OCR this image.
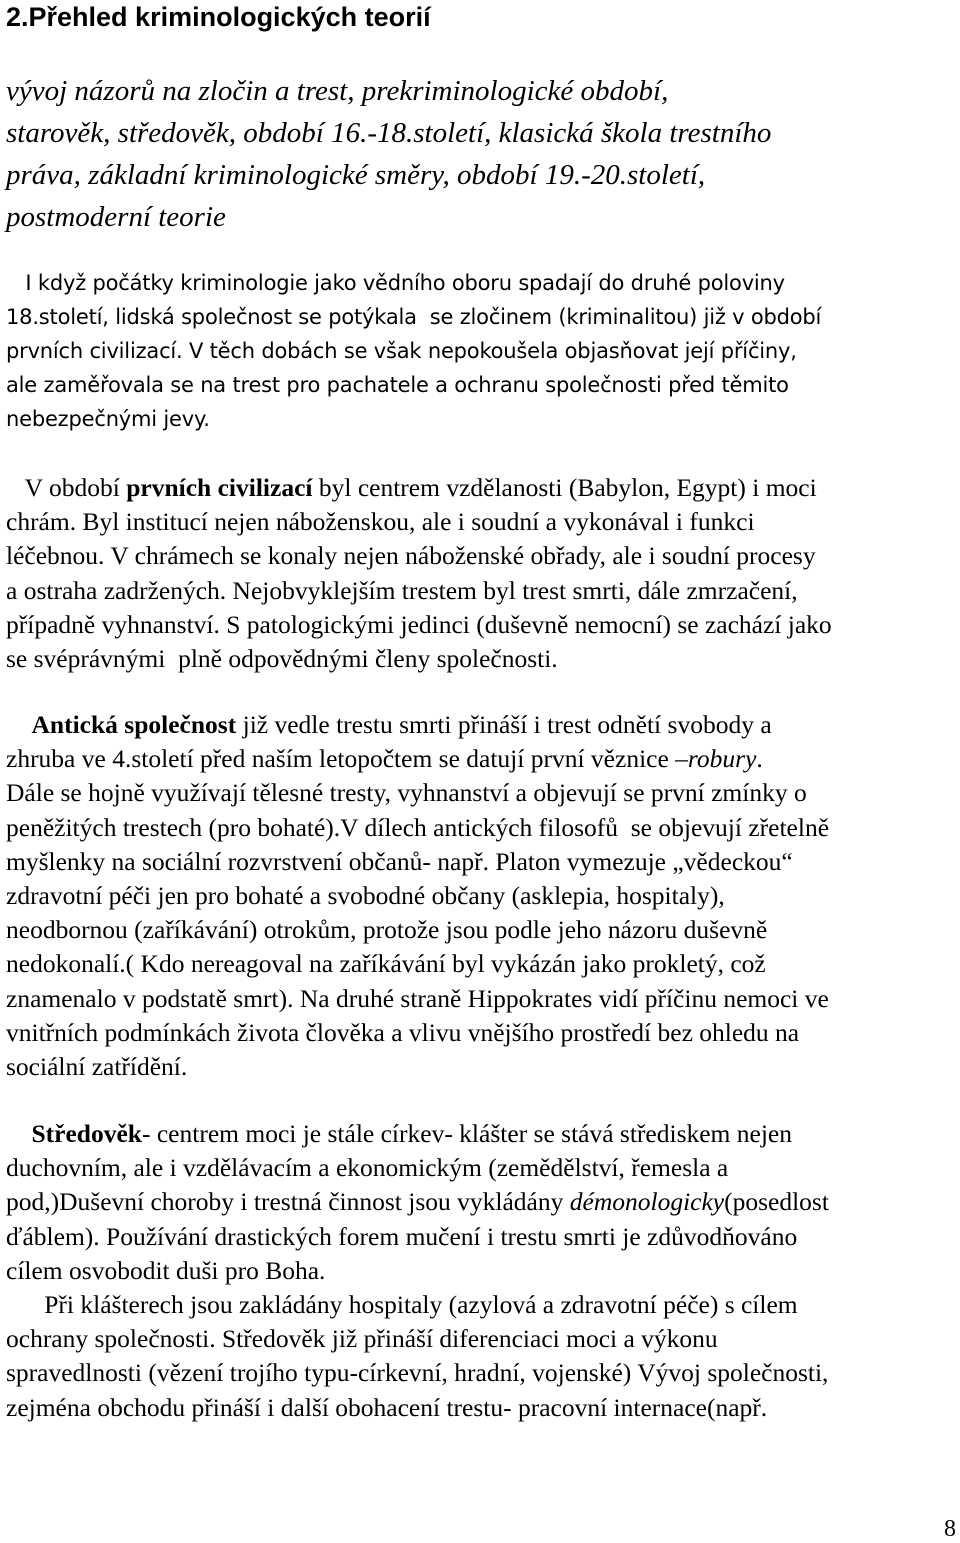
2.Přehled kriminologických teorií
vývoj názorů na zločin a trest, prekriminologické období,
starověk, středověk, období 16.-18.století, klasická škola trestního
práva, základní kriminologické směry, období 19.-20.století,
postmoderní teorie
I když počátky kriminologie jako vědního oboru spadají do druhé poloviny
18.století, lidská společnost se potýkala  se zločinem (kriminalitou) již v období
prvních civilizací. V těch dobách se však nepokoušela objasňovat její příčiny,
ale zaměřovala se na trest pro pachatele a ochranu společnosti před těmito
nebezpečnými jevy.
V období prvních civilizací byl centrem vzdělanosti (Babylon, Egypt) i moci
chrám. Byl institucí nejen náboženskou, ale i soudní a vykonával i funkci
léčebnou. V chrámech se konaly nejen náboženské obřady, ale i soudní procesy
a ostraha zadržených. Nejobvyklejším trestem byl trest smrti, dále zmrzačení,
případně vyhnanství. S patologickými jedinci (duševně nemocní) se zachází jako
se svéprávnými  plně odpovědnými členy společnosti.
Antická společnost již vedle trestu smrti přináší i trest odnětí svobody a
zhruba ve 4.století před naším letopočtem se datují první věznice –robury.
Dále se hojně využívají tělesné tresty, vyhnanství a objevují se první zmínky o
peněžitých trestech (pro bohaté).V dílech antických filosofů  se objevují zřetelně
myšlenky na sociální rozvrstvení občanů- např. Platon vymezuje „vědeckou“
zdravotní péči jen pro bohaté a svobodné občany (asklepia, hospitaly),
neodbornou (zaříkávání) otrokům, protože jsou podle jeho názoru duševně
nedokonalí.( Kdo nereagoval na zaříkávání byl vykázán jako prokletý, což
znamenalo v podstatě smrt). Na druhé straně Hippokrates vidí příčinu nemoci ve
vnitřních podmínkách života člověka a vlivu vnějšího prostředí bez ohledu na
sociální zatřídění.
Středověk- centrem moci je stále církev- klášter se stává střediskem nejen
duchovním, ale i vzdělávacím a ekonomickým (zemědělství, řemesla a
pod,)Duševní choroby i trestná činnost jsou vykládány démonologicky(posedlost
ďáblem). Používání drastických forem mučení i trestu smrti je zdůvodňováno
cílem osvobodit duši pro Boha.
Při klášterech jsou zakládány hospitaly (azylová a zdravotní péče) s cílem
ochrany společnosti. Středověk již přináší diferenciaci moci a výkonu
spravedlnosti (vězení trojího typu-církevní, hradní, vojenské) Vývoj společnosti,
zejména obchodu přináší i další obohacení trestu- pracovní internace(např.
8
